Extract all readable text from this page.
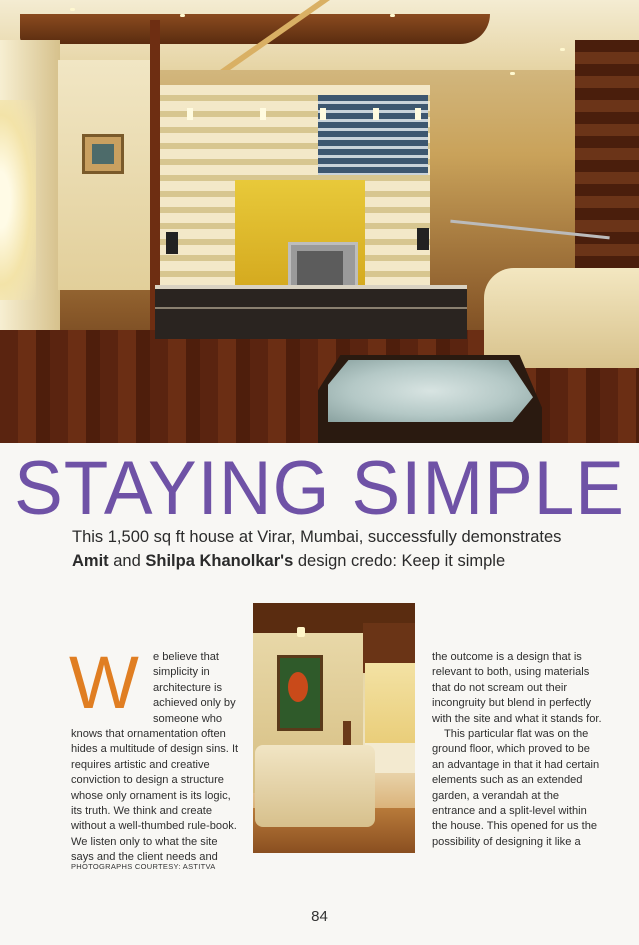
STAYING SIMPLE
This 1,500 sq ft house at Virar, Mumbai, successfully demonstrates
Amit and Shilpa Khanolkar's design credo: Keep it simple
W	e believe that simplicity in architecture is achieved only by someone who knows that ornamentation often hides a multitude of design sins. It requires artistic and creative conviction to design a structure whose only ornament is its logic, its truth. We think and create without a well-thumbed rule-book. We listen only to what the site says and the client needs and
the outcome is a design that is relevant to both, using materials that do not scream out their incongruity but blend in perfectly with the site and what it stands for.
This particular flat was on the ground floor, which proved to be an advantage in that it had certain elements such as an extended garden, a verandah at the entrance and a split-level within the house. This opened for us the possibility of designing it like a
PHOTOGRAPHS COURTESY: ASTITVA
84
